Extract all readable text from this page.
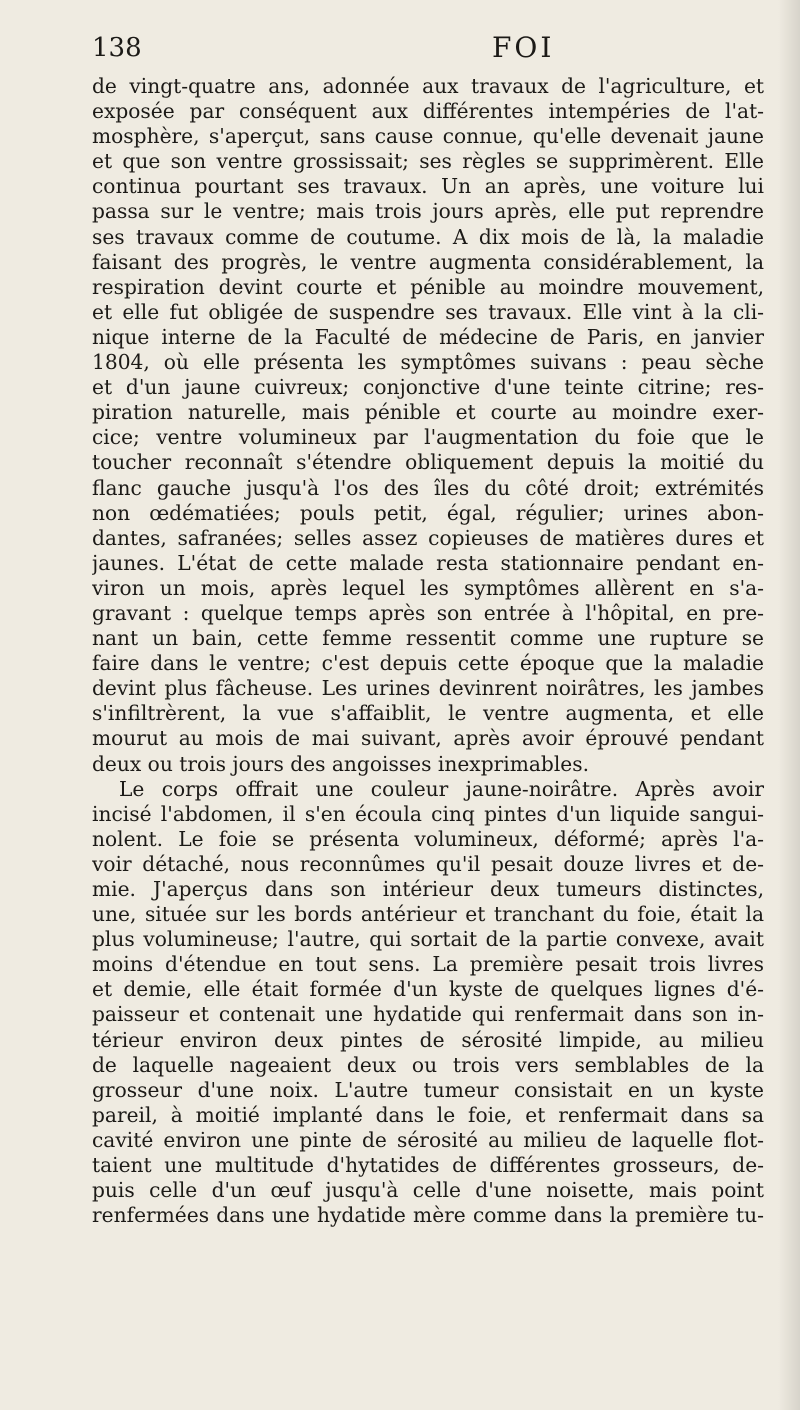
138	FOI
de vingt-quatre ans, adonnée aux travaux de l'agriculture, et
exposée par conséquent aux différentes intempéries de l'at-
mosphère, s'aperçut, sans cause connue, qu'elle devenait jaune
et que son ventre grossissait; ses règles se supprimèrent. Elle
continua pourtant ses travaux. Un an après, une voiture lui
passa sur le ventre; mais trois jours après, elle put reprendre
ses travaux comme de coutume. A dix mois de là, la maladie
faisant des progrès, le ventre augmenta considérablement, la
respiration devint courte et pénible au moindre mouvement,
et elle fut obligée de suspendre ses travaux. Elle vint à la cli-
nique interne de la Faculté de médecine de Paris, en janvier
1804, où elle présenta les symptômes suivans : peau sèche
et d'un jaune cuivreux; conjonctive d'une teinte citrine; res-
piration naturelle, mais pénible et courte au moindre exer-
cice; ventre volumineux par l'augmentation du foie que le
toucher reconnaît s'étendre obliquement depuis la moitié du
flanc gauche jusqu'à l'os des îles du côté droit; extrémités
non œdématiées; pouls petit, égal, régulier; urines abon-
dantes, safranées; selles assez copieuses de matières dures et
jaunes. L'état de cette malade resta stationnaire pendant en-
viron un mois, après lequel les symptômes allèrent en s'a-
gravant : quelque temps après son entrée à l'hôpital, en pre-
nant un bain, cette femme ressentit comme une rupture se
faire dans le ventre; c'est depuis cette époque que la maladie
devint plus fâcheuse. Les urines devinrent noirâtres, les jambes
s'infiltrèrent, la vue s'affaiblit, le ventre augmenta, et elle
mourut au mois de mai suivant, après avoir éprouvé pendant
deux ou trois jours des angoisses inexprimables.
Le corps offrait une couleur jaune-noirâtre. Après avoir
incisé l'abdomen, il s'en écoula cinq pintes d'un liquide sangui-
nolent. Le foie se présenta volumineux, déformé; après l'a-
voir détaché, nous reconnûmes qu'il pesait douze livres et de-
mie. J'aperçus dans son intérieur deux tumeurs distinctes,
une, située sur les bords antérieur et tranchant du foie, était la
plus volumineuse; l'autre, qui sortait de la partie convexe, avait
moins d'étendue en tout sens. La première pesait trois livres
et demie, elle était formée d'un kyste de quelques lignes d'é-
paisseur et contenait une hydatide qui renfermait dans son in-
térieur environ deux pintes de sérosité limpide, au milieu
de laquelle nageaient deux ou trois vers semblables de la
grosseur d'une noix. L'autre tumeur consistait en un kyste
pareil, à moitié implanté dans le foie, et renfermait dans sa
cavité environ une pinte de sérosité au milieu de laquelle flot-
taient une multitude d'hytatides de différentes grosseurs, de-
puis celle d'un œuf jusqu'à celle d'une noisette, mais point
renfermées dans une hydatide mère comme dans la première tu-
